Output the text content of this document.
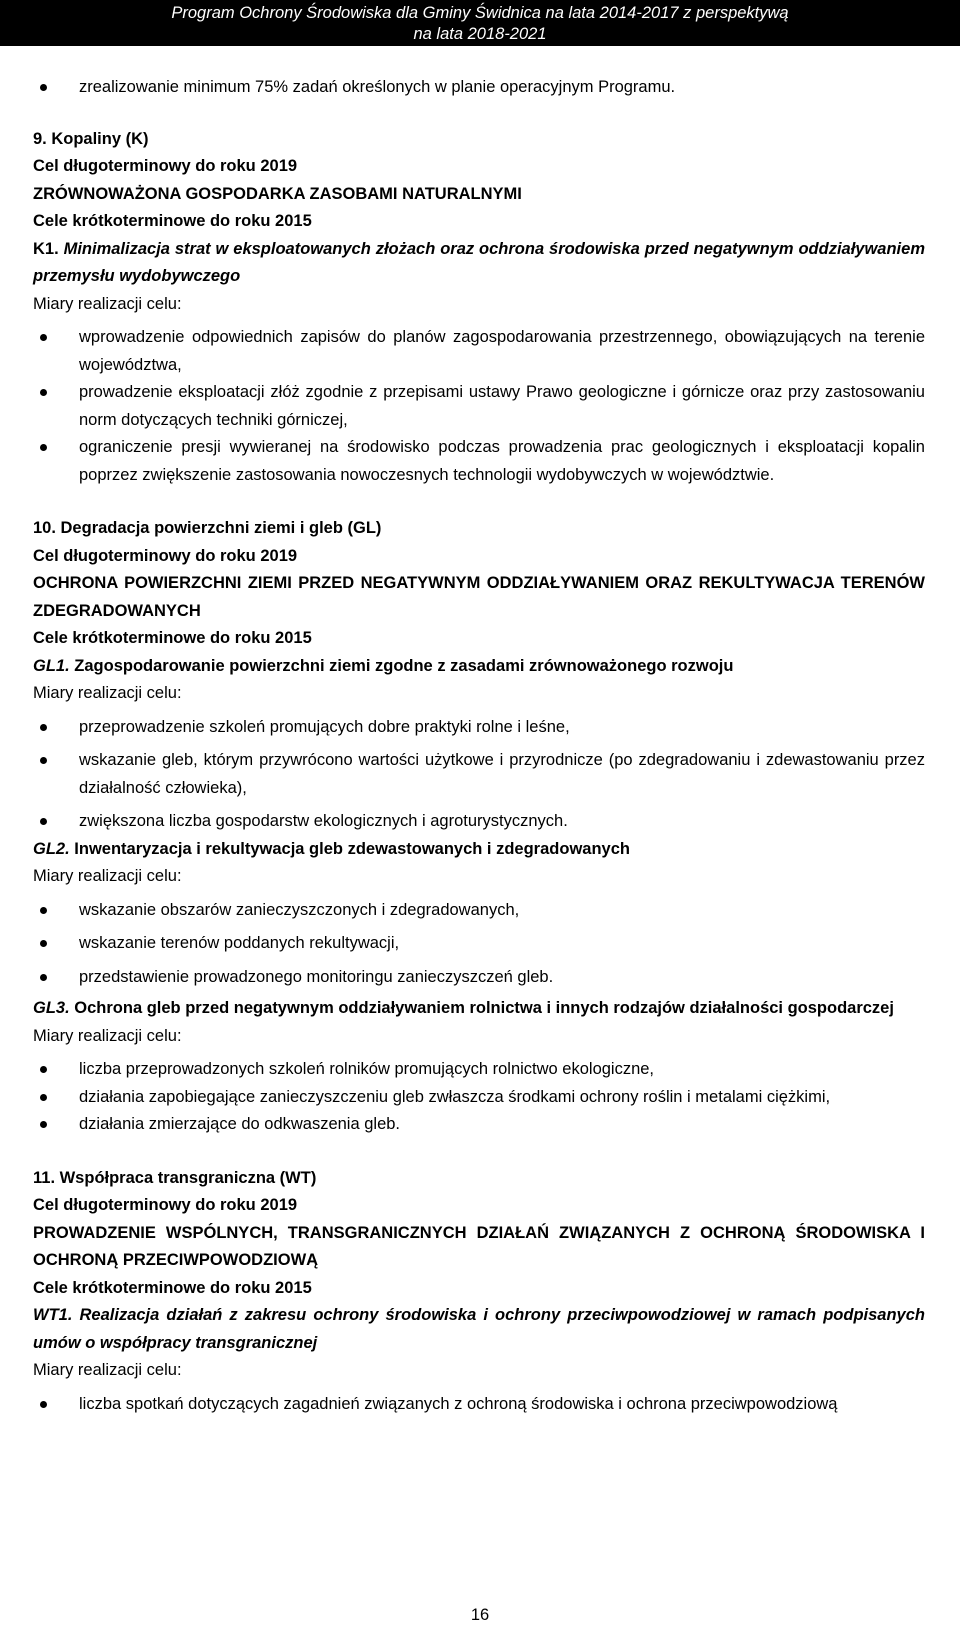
Program Ochrony Środowiska dla Gminy Świdnica na lata 2014-2017 z perspektywą
na lata 2018-2021
zrealizowanie minimum 75% zadań określonych w planie operacyjnym Programu.

9. Kopaliny (K)

Cel długoterminowy do roku 2019

ZRÓWNOWAŻONA GOSPODARKA ZASOBAMI NATURALNYMI

Cele krótkoterminowe do roku 2015

K1. Minimalizacja strat w eksploatowanych złożach oraz ochrona środowiska przed negatywnym oddziaływaniem przemysłu wydobywczego

Miary realizacji celu:

wprowadzenie odpowiednich zapisów do planów zagospodarowania przestrzennego, obowiązujących na terenie województwa,
prowadzenie eksploatacji złóż zgodnie z przepisami ustawy Prawo geologiczne i górnicze oraz przy zastosowaniu norm dotyczących techniki górniczej,
ograniczenie presji wywieranej na środowisko podczas prowadzenia prac geologicznych i eksploatacji kopalin poprzez zwiększenie zastosowania nowoczesnych technologii wydobywczych w województwie.

10. Degradacja powierzchni ziemi i gleb (GL)

Cel długoterminowy do roku 2019

OCHRONA POWIERZCHNI ZIEMI PRZED NEGATYWNYM ODDZIAŁYWANIEM ORAZ REKULTYWACJA TERENÓW ZDEGRADOWANYCH

Cele krótkoterminowe do roku 2015

GL1. Zagospodarowanie powierzchni ziemi zgodne z zasadami zrównoważonego rozwoju

Miary realizacji celu:

przeprowadzenie szkoleń promujących dobre praktyki rolne i leśne,
wskazanie gleb, którym przywrócono wartości użytkowe i przyrodnicze (po zdegradowaniu i zdewastowaniu przez działalność człowieka),
zwiększona liczba gospodarstw ekologicznych i agroturystycznych.

GL2. Inwentaryzacja i rekultywacja gleb zdewastowanych i zdegradowanych

Miary realizacji celu:

wskazanie obszarów zanieczyszczonych i zdegradowanych,
wskazanie terenów poddanych rekultywacji,
przedstawienie prowadzonego monitoringu zanieczyszczeń gleb.

GL3. Ochrona gleb przed negatywnym oddziaływaniem rolnictwa i innych rodzajów działalności gospodarczej

Miary realizacji celu:

liczba przeprowadzonych szkoleń rolników promujących rolnictwo ekologiczne,
działania zapobiegające zanieczyszczeniu gleb zwłaszcza środkami ochrony roślin i metalami ciężkimi,
działania zmierzające do odkwaszenia gleb.

11. Współpraca transgraniczna (WT)

Cel długoterminowy do roku 2019

PROWADZENIE WSPÓLNYCH, TRANSGRANICZNYCH DZIAŁAŃ ZWIĄZANYCH Z OCHRONĄ ŚRODOWISKA I OCHRONĄ PRZECIWPOWODZIOWĄ

Cele krótkoterminowe do roku 2015

WT1. Realizacja działań z zakresu ochrony środowiska i ochrony przeciwpowodziowej w ramach podpisanych umów o współpracy transgranicznej

Miary realizacji celu:

liczba spotkań dotyczących zagadnień związanych z ochroną środowiska i ochrona przeciwpowodziową
16
